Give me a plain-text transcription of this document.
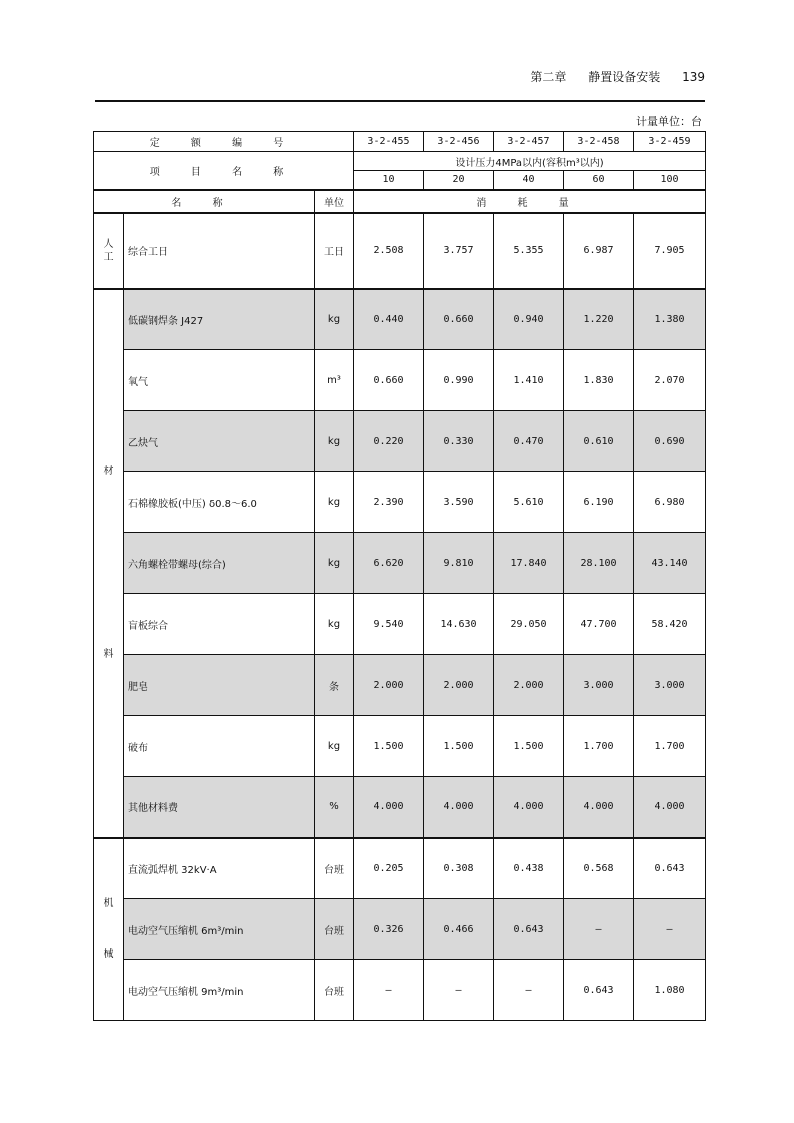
第二章 静置设备安装 139
计量单位：台
定 额 编 号			3-2-455	3-2-456	3-2-457	3-2-458	3-2-459
项 目 名 称			设计压力4MPa以内(容积m³以内)				
			10	20	40	60	100
名 称		单位	消 耗 量				
人
工	综合工日	工日	2.508	3.757	5.355	6.987	7.905

材
料	低碳钢焊条 J427	kg	0.440	0.660	0.940	1.220	1.380
	氧气	m³	0.660	0.990	1.410	1.830	2.070
	乙炔气	kg	0.220	0.330	0.470	0.610	0.690
	石棉橡胶板(中压) δ0.8～6.0	kg	2.390	3.590	5.610	6.190	6.980
	六角螺栓带螺母(综合)	kg	6.620	9.810	17.840	28.100	43.140
	盲板综合	kg	9.540	14.630	29.050	47.700	58.420
	肥皂	条	2.000	2.000	2.000	3.000	3.000
	破布	kg	1.500	1.500	1.500	1.700	1.700
	其他材料费	%	4.000	4.000	4.000	4.000	4.000

机
械	直流弧焊机 32kV·A	台班	0.205	0.308	0.438	0.568	0.643
	电动空气压缩机 6m³/min	台班	0.326	0.466	0.643	—	—
	电动空气压缩机 9m³/min	台班	—	—	—	0.643	1.080
